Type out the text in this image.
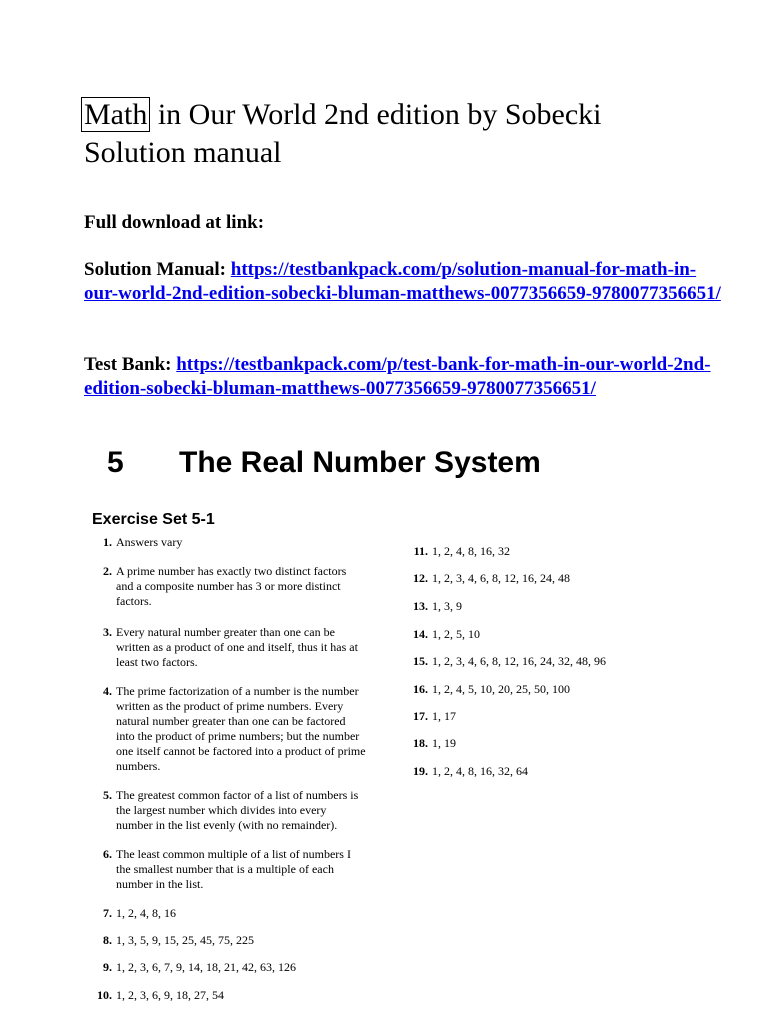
Math in Our World 2nd edition by Sobecki
Solution manual

Full download at link:

Solution Manual: https://testbankpack.com/p/solution-manual-for-math-in-our-world-2nd-edition-sobecki-bluman-matthews-0077356659-9780077356651/

Test Bank: https://testbankpack.com/p/test-bank-for-math-in-our-world-2nd-edition-sobecki-bluman-matthews-0077356659-9780077356651/

5 The Real Number System
Exercise Set 5-1
1. Answers vary
2. A prime number has exactly two distinct factors and a composite number has 3 or more distinct factors.
3. Every natural number greater than one can be written as a product of one and itself, thus it has at least two factors.
4. The prime factorization of a number is the number written as the product of prime numbers. Every natural number greater than one can be factored into the product of prime numbers; but the number one itself cannot be factored into a product of prime numbers.
5. The greatest common factor of a list of numbers is the largest number which divides into every number in the list evenly (with no remainder).
6. The least common multiple of a list of numbers I the smallest number that is a multiple of each number in the list.
7. 1, 2, 4, 8, 16
8. 1, 3, 5, 9, 15, 25, 45, 75, 225
9. 1, 2, 3, 6, 7, 9, 14, 18, 21, 42, 63, 126
10. 1, 2, 3, 6, 9, 18, 27, 54
11. 1, 2, 4, 8, 16, 32
12. 1, 2, 3, 4, 6, 8, 12, 16, 24, 48
13. 1, 3, 9
14. 1, 2, 5, 10
15. 1, 2, 3, 4, 6, 8, 12, 16, 24, 32, 48, 96
16. 1, 2, 4, 5, 10, 20, 25, 50, 100
17. 1, 17
18. 1, 19
19. 1, 2, 4, 8, 16, 32, 64
